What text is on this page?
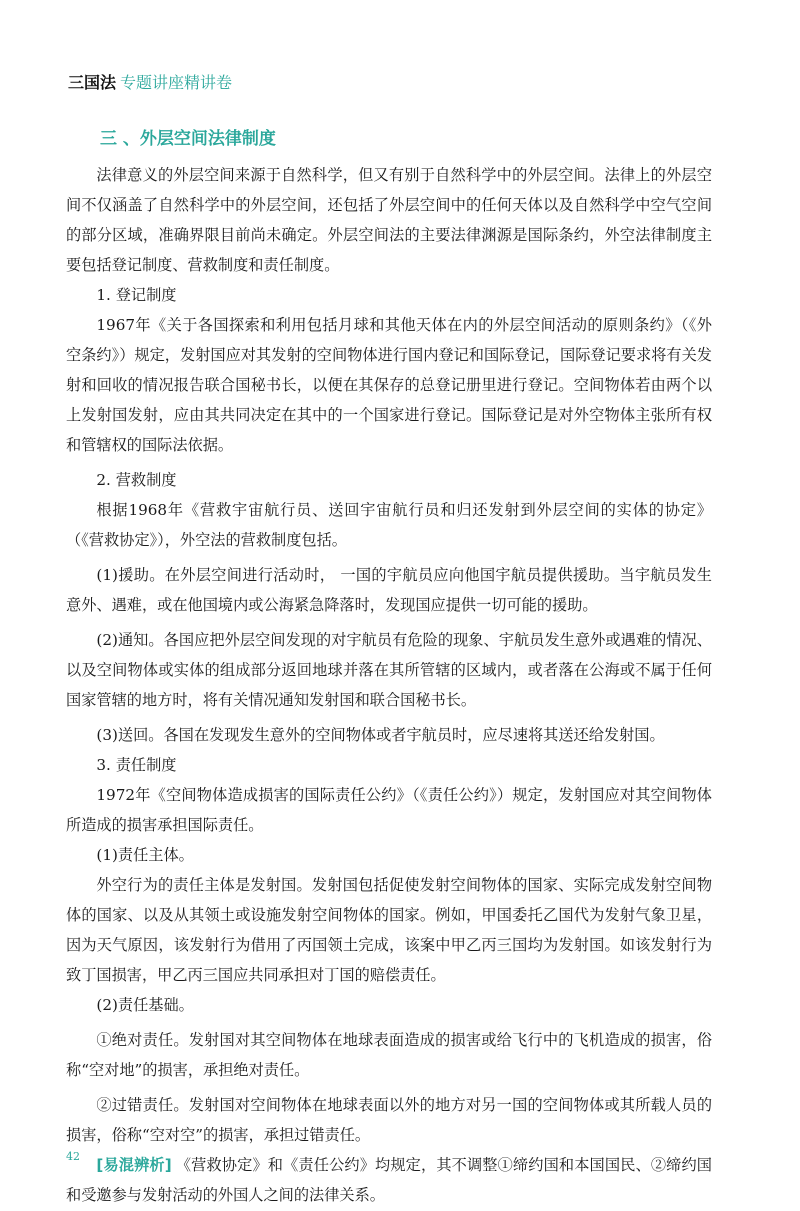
三国法 专题讲座精讲卷
三 、外层空间法律制度

法律意义的外层空间来源于自然科学，但又有别于自然科学中的外层空间。法律上的外层空间不仅涵盖了自然科学中的外层空间，还包括了外层空间中的任何天体以及自然科学中空气空间的部分区域，准确界限目前尚未确定。外层空间法的主要法律渊源是国际条约，外空法律制度主要包括登记制度、营救制度和责任制度。

1. 登记制度

1967年《关于各国探索和利用包括月球和其他天体在内的外层空间活动的原则条约》（《外空条约》）规定，发射国应对其发射的空间物体进行国内登记和国际登记，国际登记要求将有关发射和回收的情况报告联合国秘书长，以便在其保存的总登记册里进行登记。空间物体若由两个以上发射国发射，应由其共同决定在其中的一个国家进行登记。国际登记是对外空物体主张所有权和管辖权的国际法依据。

2. 营救制度

根据1968年《营救宇宙航行员、送回宇宙航行员和归还发射到外层空间的实体的协定》（《营救协定》），外空法的营救制度包括。

(1)援助。在外层空间进行活动时， 一国的宇航员应向他国宇航员提供援助。当宇航员发生意外、遇难，或在他国境内或公海紧急降落时，发现国应提供一切可能的援助。

(2)通知。各国应把外层空间发现的对宇航员有危险的现象、宇航员发生意外或遇难的情况、以及空间物体或实体的组成部分返回地球并落在其所管辖的区域内，或者落在公海或不属于任何国家管辖的地方时，将有关情况通知发射国和联合国秘书长。

(3)送回。各国在发现发生意外的空间物体或者宇航员时，应尽速将其送还给发射国。

3. 责任制度

1972年《空间物体造成损害的国际责任公约》（《责任公约》）规定，发射国应对其空间物体所造成的损害承担国际责任。

(1)责任主体。

外空行为的责任主体是发射国。发射国包括促使发射空间物体的国家、实际完成发射空间物体的国家、以及从其领土或设施发射空间物体的国家。例如，甲国委托乙国代为发射气象卫星，因为天气原因，该发射行为借用了丙国领土完成，该案中甲乙丙三国均为发射国。如该发射行为致丁国损害，甲乙丙三国应共同承担对丁国的赔偿责任。

(2)责任基础。

①绝对责任。发射国对其空间物体在地球表面造成的损害或给飞行中的飞机造成的损害，俗称“空对地”的损害，承担绝对责任。

②过错责任。发射国对空间物体在地球表面以外的地方对另一国的空间物体或其所载人员的损害，俗称“空对空”的损害，承担过错责任。

[易混辨析] 《营救协定》和《责任公约》均规定，其不调整①缔约国和本国国民、②缔约国和受邀参与发射活动的外国人之间的法律关系。

42
